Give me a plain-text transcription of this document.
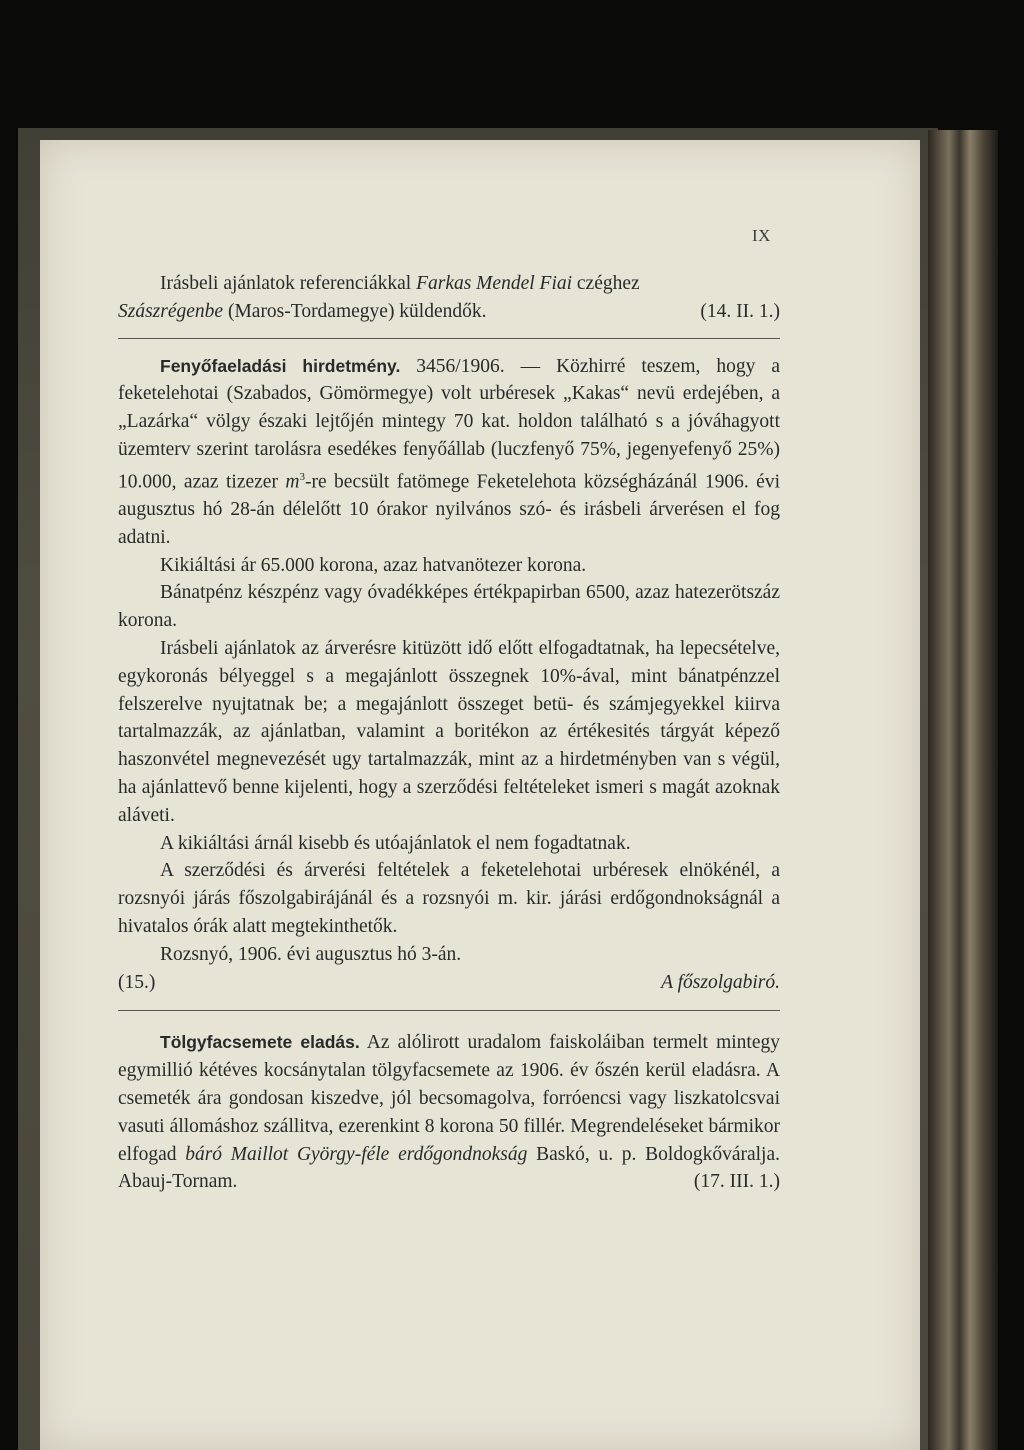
IX

Irásbeli ajánlatok referenciákkal Farkas Mendel Fiai czéghez
Szászrégenbe (Maros-Tordamegye) küldendők.	(14. II. 1.)

Fenyőfaeladási hirdetmény. 3456/1906. — Közhirré teszem, hogy a feketelehotai (Szabados, Gömörmegye) volt urbéresek „Kakas“ nevü erdejében, a „Lazárka“ völgy északi lejtőjén mintegy 70 kat. holdon található s a jóváhagyott üzemterv szerint tarolásra esedékes fenyőállab (luczfenyő 75%, jegenyefenyő 25%) 10.000, azaz tizezer $m^3-re$ becsült fatömege Feketelehota községházánál 1906. évi augusztus hó 28-án délelőtt 10 órakor nyilvános szó- és irásbeli árverésen el fog adatni.

Kikiáltási ár 65.000 korona, azaz hatvanötezer korona.

Bánatpénz készpénz vagy óvadékképes értékpapirban 6500, azaz hatezerötszáz korona.

Irásbeli ajánlatok az árverésre kitüzött idő előtt elfogadtatnak, ha lepecsételve, egykoronás bélyeggel s a megajánlott összegnek 10%-ával, mint bánatpénzzel felszerelve nyujtatnak be; a megajánlott összeget betü- és számjegyekkel kiirva tartalmazzák, az ajánlatban, valamint a boritékon az értékesités tárgyát képező haszonvétel megnevezését ugy tartalmazzák, mint az a hirdetményben van s végül, ha ajánlattevő benne kijelenti, hogy a szerződési feltételeket ismeri s magát azoknak aláveti.

A kikiáltási árnál kisebb és utóajánlatok el nem fogadtatnak.

A szerződési és árverési feltételek a feketelehotai urbéresek elnökénél, a rozsnyói járás főszolgabirájánál és a rozsnyói m. kir. járási erdőgondnokságnál a hivatalos órák alatt megtekinthetők.

Rozsnyó, 1906. évi augusztus hó 3-án.

(15.)	A főszolgabiró.

Tölgyfacsemete eladás. Az alólirott uradalom faiskoláiban termelt mintegy egymillió kétéves kocsánytalan tölgyfacsemete az 1906. év őszén kerül eladásra. A csemeték ára gondosan kiszedve, jól becsomagolva, forróencsi vagy liszkatolcsvai vasuti állomáshoz szállitva, ezerenkint 8 korona 50 fillér. Megrendeléseket bármikor elfogad báró Maillot György-féle erdőgondnokság Baskó, u. p. Boldogkőváralja. Abauj-Tornam.	(17. III. 1.)
